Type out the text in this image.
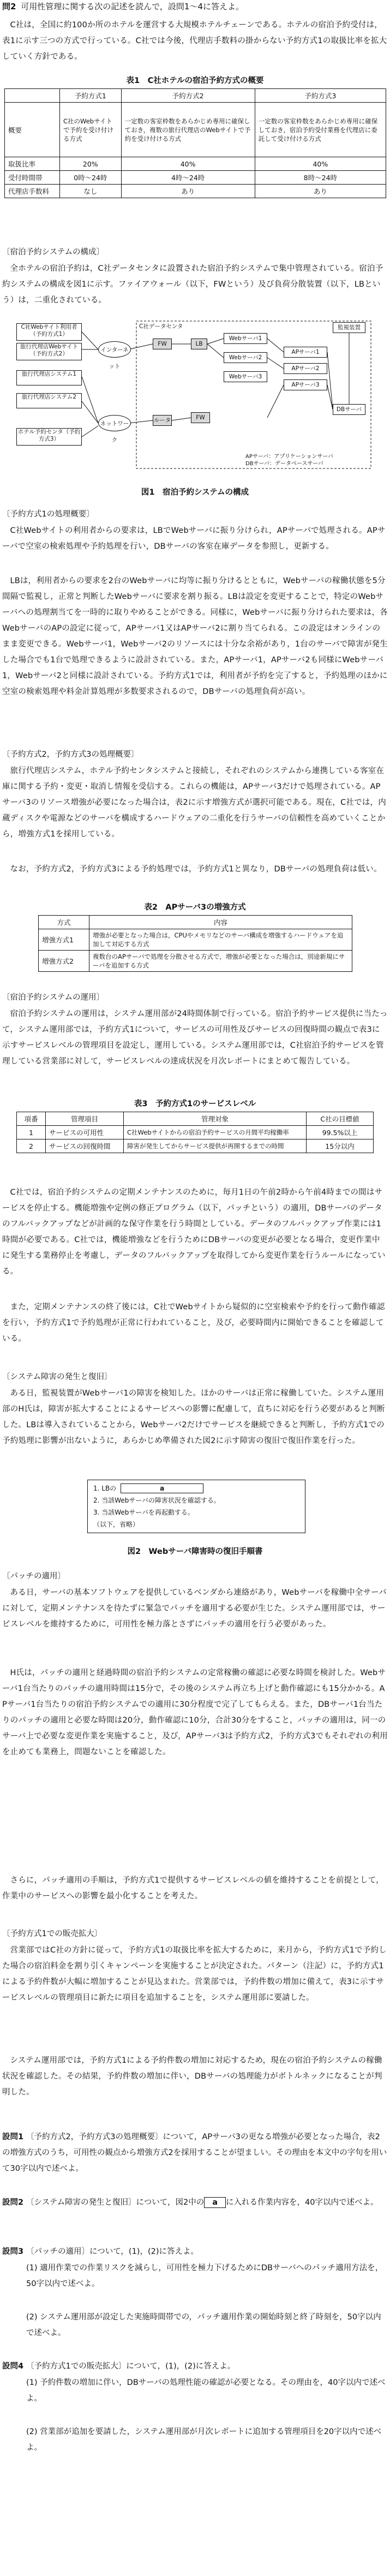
問2 可用性管理に関する次の記述を読んで，設問1〜4に答えよ。
C社は，全国に約100か所のホテルを運営する大規模ホテルチェーンである。ホテルの宿泊予約受付は，表1に示す三つの方式で行っている。C社では今後，代理店手数料の掛からない予約方式1の取扱比率を拡大していく方針である。
表1　C社ホテルの宿泊予約方式の概要
	予約方式1	予約方式2	予約方式3
概要	C社のWebサイトで予約を受け付ける方式	一定数の客室枠数をあらかじめ専用に確保しておき，複数の旅行代理店のWebサイトで予約を受け付ける方式	一定数の客室枠数をあらかじめ専用に確保しておき，宿泊予約受付業務を代理店に委託して受け付ける方式
取扱比率	20%	40%	40%
受付時間帯	0時〜24時	4時〜24時	8時〜24時
代理店手数料	なし	あり	あり
〔宿泊予約システムの構成〕
全ホテルの宿泊予約は，C社データセンタに設置された宿泊予約システムで集中管理されている。宿泊予約システムの構成を図1に示す。ファイアウォール（以下，FWという）及び負荷分散装置（以下，LBという）は，二重化されている。
C社Webサイト利用者（予約方式1）
旅行代理店Webサイト（予約方式2）
旅行代理店システム1
旅行代理店システム2
ホテル予約センタ（予約方式3）
インターネット
ネットワーク
C社データセンタ
FW	LB
Webサーバ1
Webサーバ2
Webサーバ3
APサーバ1
APサーバ2
APサーバ3
DBサーバ
監視装置
ルータ	FW
APサーバ：アプリケーションサーバ
DBサーバ：データベースサーバ
図1　宿泊予約システムの構成
〔予約方式1の処理概要〕
C社Webサイトの利用者からの要求は，LBでWebサーバに振り分けられ，APサーバで処理される。APサーバで空室の検索処理や予約処理を行い，DBサーバの客室在庫データを参照し，更新する。
LBは，利用者からの要求を2台のWebサーバに均等に振り分けるとともに，Webサーバの稼働状態を5分間隔で監視し，正常と判断したWebサーバに要求を割り振る。LBは設定を変更することで，特定のWebサーバへの処理割当てを一時的に取りやめることができる。同様に，Webサーバに振り分けられた要求は，各WebサーバのAPの設定に従って，APサーバ1又はAPサーバ2に割り当てられる。この設定はオンラインのまま変更できる。Webサーバ1，Webサーバ2のリソースには十分な余裕があり，1台のサーバで障害が発生した場合でも1台で処理できるように設計されている。また，APサーバ1，APサーバ2も同様にWebサーバ1，Webサーバ2と同様に設計されている。予約方式1では，利用者が予約を完了すると，予約処理のほかに空室の検索処理や料金計算処理が多数要求されるので，DBサーバの処理負荷が高い。
〔予約方式2，予約方式3の処理概要〕
旅行代理店システム，ホテル予約センタシステムと接続し，それぞれのシステムから連携している客室在庫に関する予約・変更・取消し情報を受信する。これらの機能は，APサーバ3だけで処理されている。APサーバ3のリソース増強が必要になった場合は，表2に示す増強方式が選択可能である。現在，C社では，内蔵ディスクや電源などのサーバを構成するハードウェアの二重化を行うサーバの信頼性を高めていくことから，増強方式1を採用している。
なお，予約方式2，予約方式3による予約処理では，予約方式1と異なり，DBサーバの処理負荷は低い。
表2　APサーバ3の増強方式
方式	内容
増強方式1	増強が必要となった場合は，CPUやメモリなどのサーバ構成を増強するハードウェアを追加して対応する方式
増強方式2	複数台のAPサーバで処理を分散させる方式で，増強が必要となった場合は，別途新規にサーバを追加する方式
〔宿泊予約システムの運用〕
宿泊予約システムの運用は，システム運用部が24時間体制で行っている。宿泊予約サービス提供に当たって，システム運用部では，予約方式1について，サービスの可用性及びサービスの回復時間の観点で表3に示すサービスレベルの管理項目を設定し，運用している。システム運用部では，C社宿泊予約サービスを管理している営業部に対して，サービスレベルの達成状況を月次レポートにまとめて報告している。
表3　予約方式1のサービスレベル
項番	管理項目	管理対象	C社の目標値
1	サービスの可用性	C社Webサイトからの宿泊予約サービスの月間平均稼働率	99.5%以上
2	サービスの回復時間	障害が発生してからサービス提供が再開するまでの時間	15分以内
C社では，宿泊予約システムの定期メンテナンスのために，毎月1日の午前2時から午前4時までの間はサービスを停止する。機能増強や定例の修正プログラム（以下，パッチという）の適用，DBサーバのデータのフルバックアップなどが計画的な保守作業を行う時間としている。データのフルバックアップ作業には1時間が必要である。C社では，機能増強などを行うためにDBサーバの変更が必要となる場合，変更作業中に発生する業務停止を考慮し，データのフルバックアップを取得してから変更作業を行うルールになっている。
また，定期メンテナンスの終了後には，C社でWebサイトから疑似的に空室検索や予約を行って動作確認を行い，予約方式1で予約処理が正常に行われていること，及び，必要時間内に開始できることを確認している。
〔システム障害の発生と復旧〕
ある日，監視装置がWebサーバ1の障害を検知した。ほかのサーバは正常に稼働していた。システム運用部のH氏は，障害が拡大することによるサービスへの影響に配慮して，直ちに対応を行う必要があると判断した。LBは導入されていることから，Webサーバ2だけでサービスを継続できると判断し，予約方式1での予約処理に影響が出ないように，あらかじめ準備された図2に示す障害の復旧で復旧作業を行った。
1. LBの	a
2. 当該Webサーバの障害状況を確認する。
3. 当該Webサーバを再起動する。
（以下，省略）
図2　Webサーバ障害時の復旧手順書
〔パッチの適用〕
ある日，サーバの基本ソフトウェアを提供しているベンダから連絡があり，Webサーバを稼働中全サーバに対して，定期メンテナンスを待たずに緊急でパッチを適用する必要が生じた。システム運用部では，サービスレベルを維持するために，可用性を極力落とさずにパッチの適用を行う必要があった。
H氏は，パッチの適用と経過時間の宿泊予約システムの定常稼働の確認に必要な時間を検討した。Webサーバ1台当たりのパッチの適用時間は15分で，その後のシステム再立ち上げと動作確認にも15分かかる。APサーバ1台当たりの宿泊予約システムでの適用に30分程度で完了してもらえる。また，DBサーバ1台当たりのパッチの適用と必要な時間は20分，動作確認に10分，合計30分をすること，パッチの適用は，同一のサーバ上で必要な変更作業を実施すること，及び，APサーバ3は予約方式2，予約方式3でもそれぞれの利用を止めても業務上，問題ないことを確認した。
さらに，パッチ適用の手順は，予約方式1で提供するサービスレベルの値を維持することを前提として，作業中のサービスへの影響を最小化することを考えた。
〔予約方式1での販売拡大〕
営業部ではC社の方針に従って，予約方式1の取扱比率を拡大するために，来月から，予約方式1で予約した場合の宿泊料金を割り引くキャンペーンを実施することが決定された。パターン（注記）に，予約方式1による予約件数が大幅に増加することが見込まれた。営業部では，予約件数の増加に備えて，表3に示すサービスレベルの管理項目に新たに項目を追加することを，システム運用部に要請した。
システム運用部では，予約方式1による予約件数の増加に対応するため，現在の宿泊予約システムの稼働状況を確認した。その結果，予約件数の増加に伴い，DBサーバの処理能力がボトルネックになることが判明した。
設問1 〔予約方式2，予約方式3の処理概要〕について，APサーバ3の更なる増強が必要となった場合，表2の増強方式のうち，可用性の観点から増強方式2を採用することが望ましい。その理由を本文中の字句を用いて30字以内で述べよ。
設問2 〔システム障害の発生と復旧〕について，図2中の a に入れる作業内容を，40字以内で述べよ。
設問3 〔パッチの適用〕について，(1)，(2)に答えよ。
(1) 適用作業での作業リスクを減らし，可用性を極力下げるためにDBサーバへのパッチ適用方法を，50字以内で述べよ。
(2) システム運用部が設定した実施時間帯での，パッチ適用作業の開始時刻と終了時刻を，50字以内で述べよ。
設問4 〔予約方式1での販売拡大〕について，(1)，(2)に答えよ。
(1) 予約件数の増加に伴い，DBサーバの処理性能の確認が必要となる。その理由を，40字以内で述べよ。
(2) 営業部が追加を要請した，システム運用部が月次レポートに追加する管理項目を20字以内で述べよ。
